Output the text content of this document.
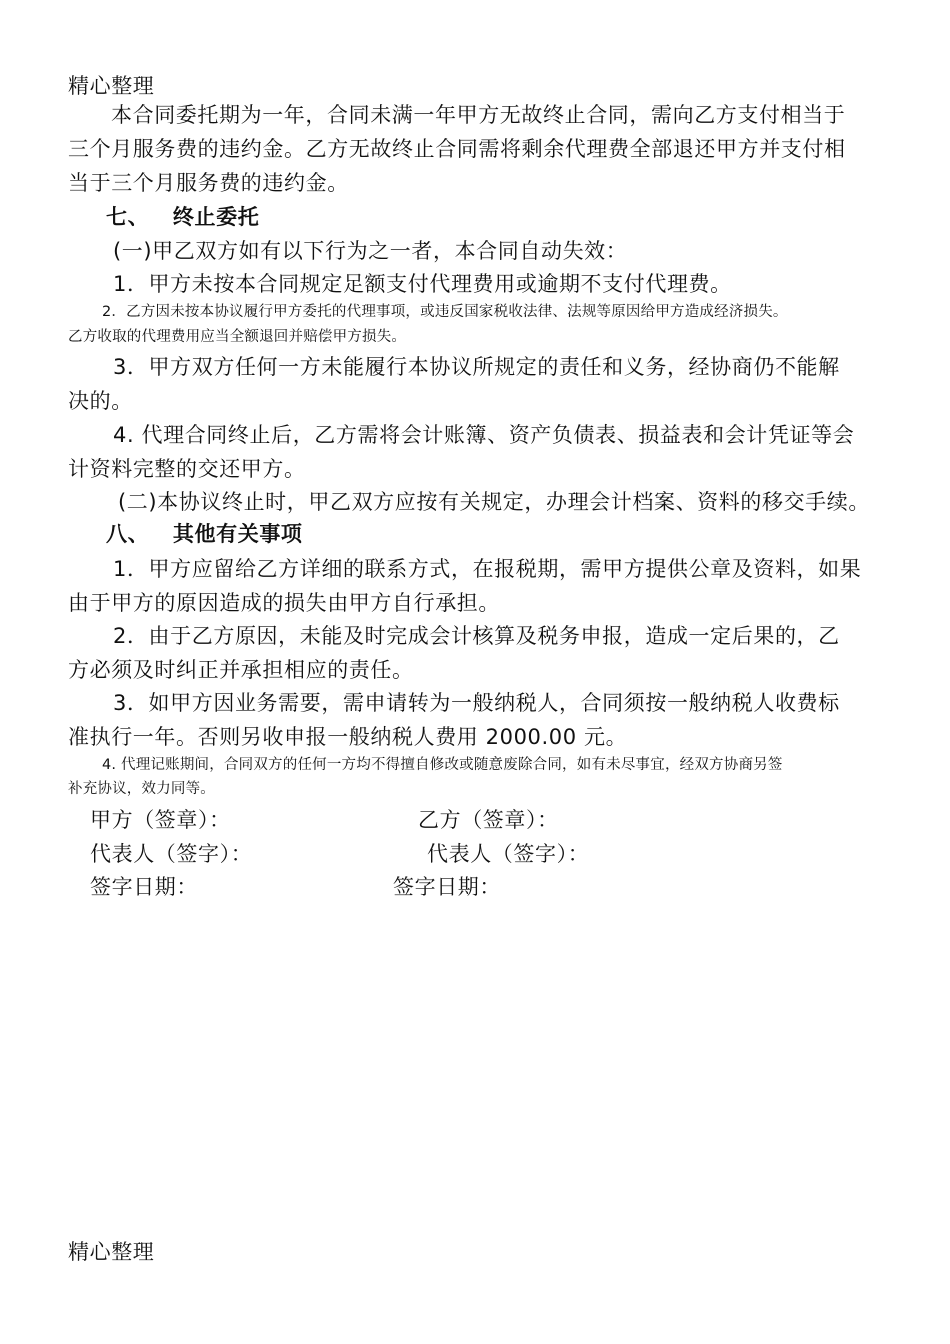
精心整理
本合同委托期为一年，合同未满一年甲方无故终止合同，需向乙方支付相当于
三个月服务费的违约金。乙方无故终止合同需将剩余代理费全部退还甲方并支付相
当于三个月服务费的违约金。
七、   终止委托
(一)甲乙双方如有以下行为之一者，本合同自动失效：
1．甲方未按本合同规定足额支付代理费用或逾期不支付代理费。
2．乙方因未按本协议履行甲方委托的代理事项，或违反国家税收法律、法规等原因给甲方造成经济损失。
乙方收取的代理费用应当全额退回并赔偿甲方损失。
3．甲方双方任何一方未能履行本协议所规定的责任和义务，经协商仍不能解
决的。
4. 代理合同终止后，乙方需将会计账簿、资产负债表、损益表和会计凭证等会
计资料完整的交还甲方。
(二)本协议终止时，甲乙双方应按有关规定，办理会计档案、资料的移交手续。
八、   其他有关事项
1．甲方应留给乙方详细的联系方式，在报税期，需甲方提供公章及资料，如果
由于甲方的原因造成的损失由甲方自行承担。
2．由于乙方原因，未能及时完成会计核算及税务申报，造成一定后果的，乙
方必须及时纠正并承担相应的责任。
3．如甲方因业务需要，需申请转为一般纳税人，合同须按一般纳税人收费标
准执行一年。否则另收申报一般纳税人费用 2000.00 元。
4. 代理记账期间，合同双方的任何一方均不得擅自修改或随意废除合同，如有未尽事宜，经双方协商另签
补充协议，效力同等。
甲方（签章）：	乙方（签章）：
代表人（签字）：	代表人（签字）：
签字日期：	签字日期：
精心整理
